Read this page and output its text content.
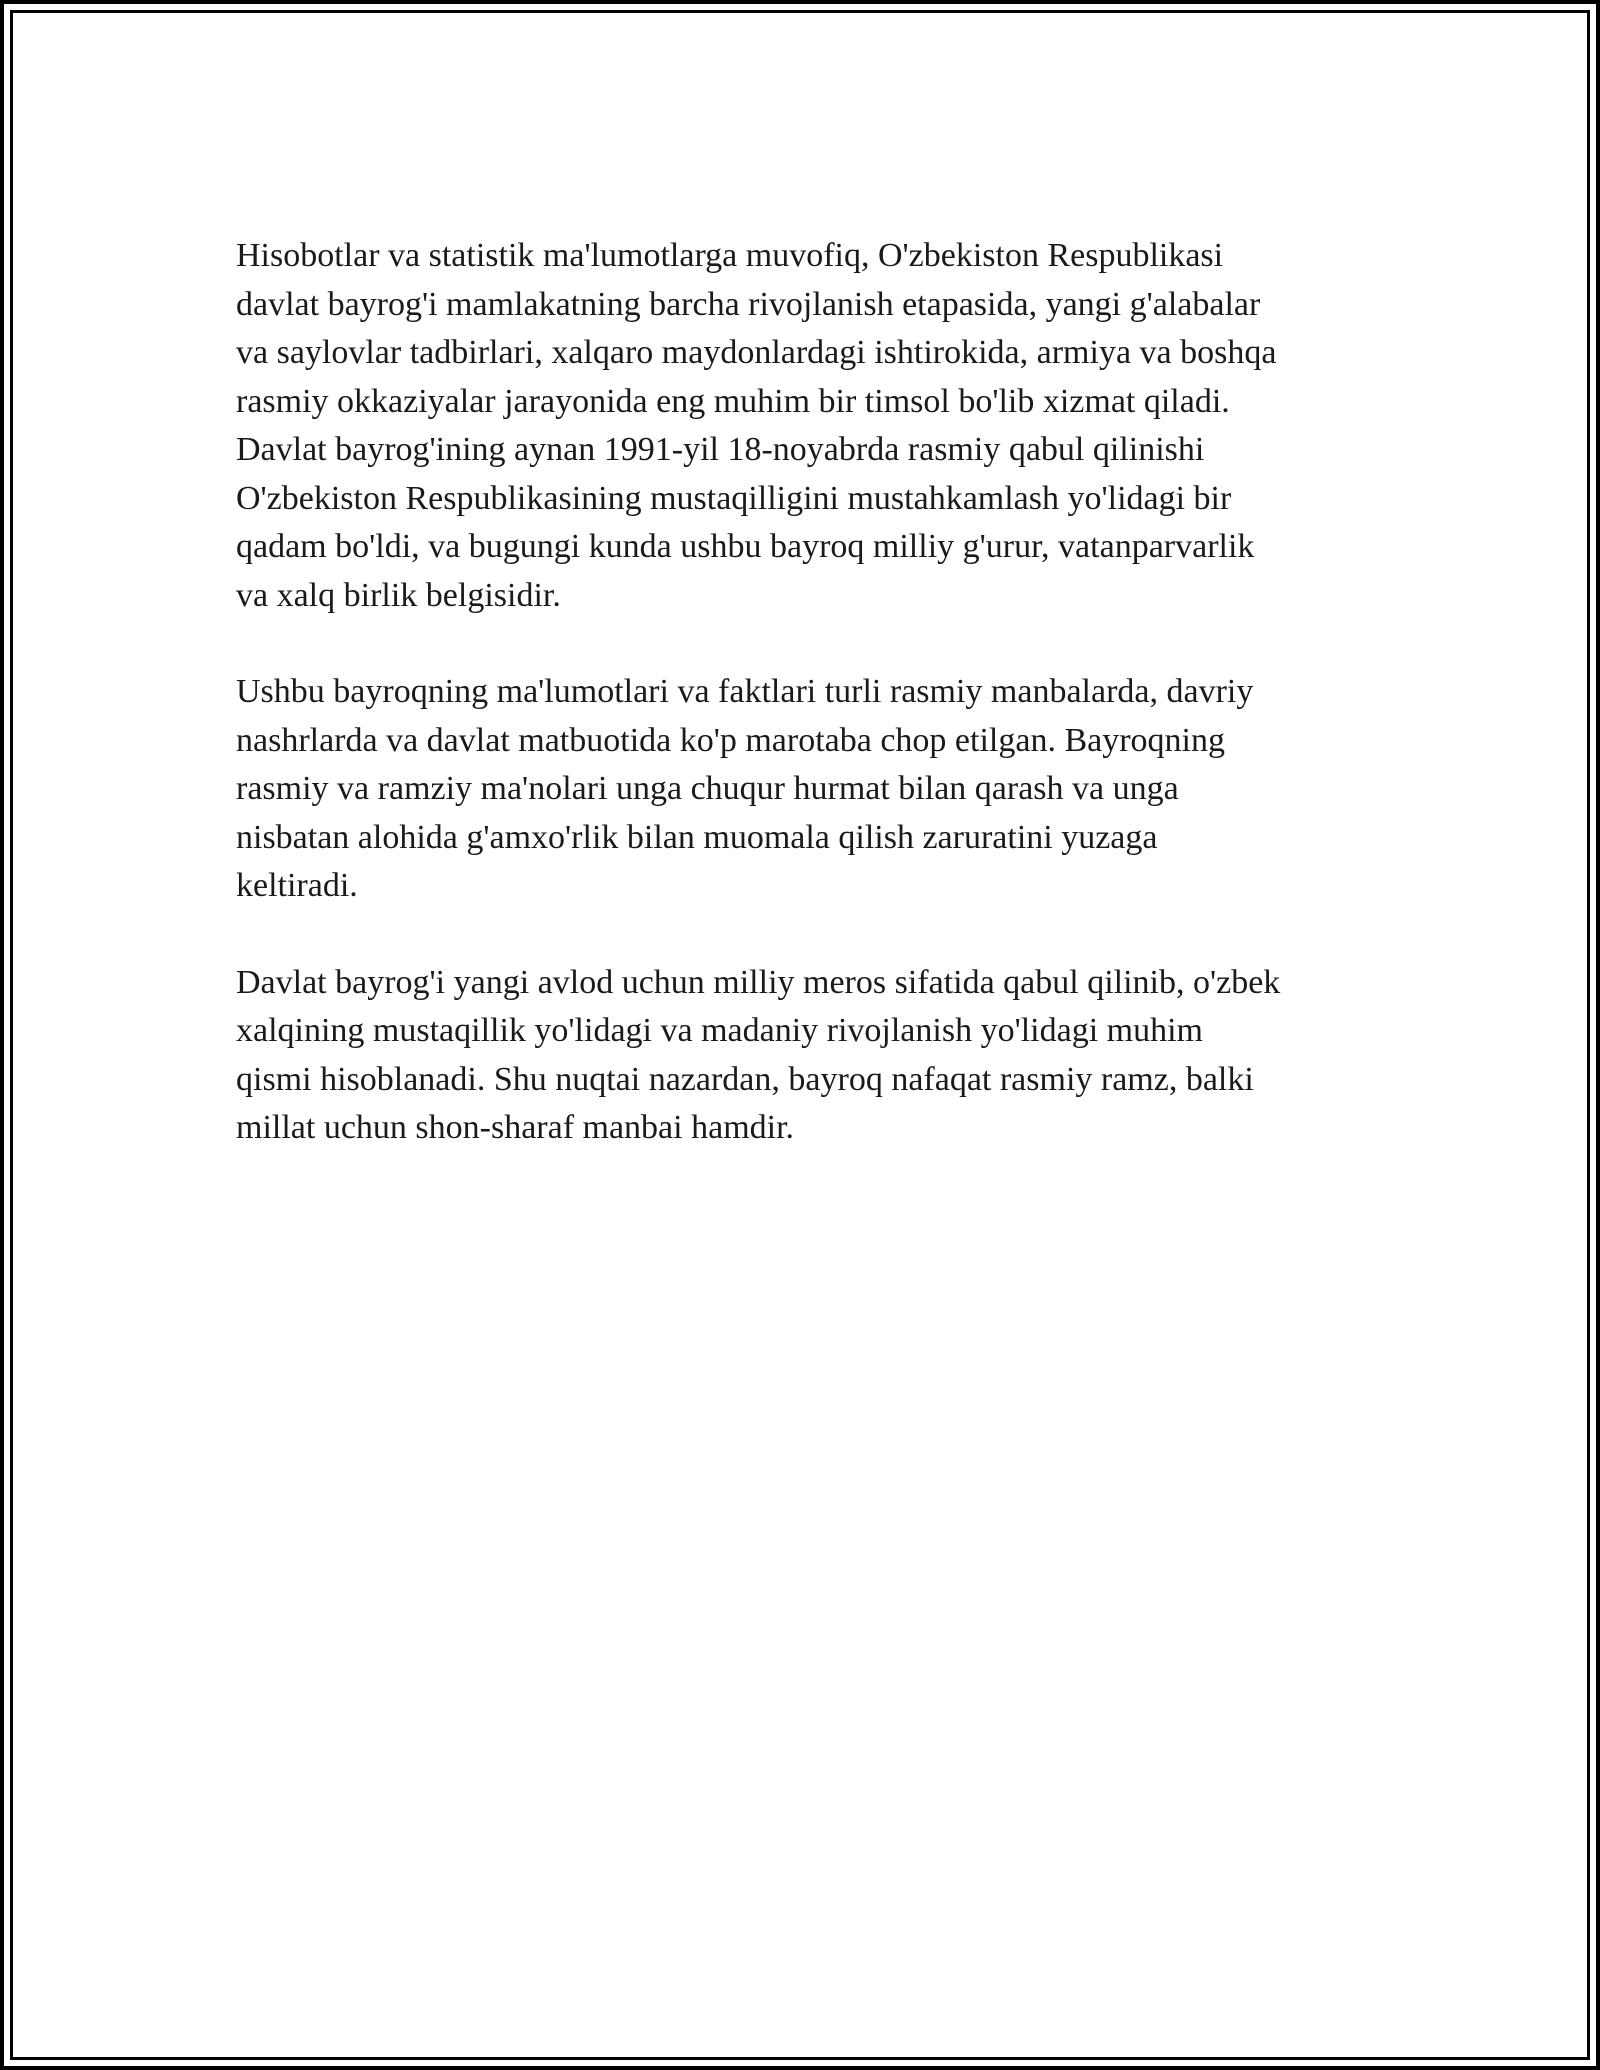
Hisobotlar va statistik ma'lumotlarga muvofiq, O'zbekiston Respublikasi
davlat bayrog'i mamlakatning barcha rivojlanish etapasida, yangi g'alabalar
va saylovlar tadbirlari, xalqaro maydonlardagi ishtirokida, armiya va boshqa
rasmiy okkaziyalar jarayonida eng muhim bir timsol bo'lib xizmat qiladi.
Davlat bayrog'ining aynan 1991-yil 18-noyabrda rasmiy qabul qilinishi
O'zbekiston Respublikasining mustaqilligini mustahkamlash yo'lidagi bir
qadam bo'ldi, va bugungi kunda ushbu bayroq milliy g'urur, vatanparvarlik
va xalq birlik belgisidir.

Ushbu bayroqning ma'lumotlari va faktlari turli rasmiy manbalarda, davriy
nashrlarda va davlat matbuotida ko'p marotaba chop etilgan. Bayroqning
rasmiy va ramziy ma'nolari unga chuqur hurmat bilan qarash va unga
nisbatan alohida g'amxo'rlik bilan muomala qilish zaruratini yuzaga
keltiradi.

Davlat bayrog'i yangi avlod uchun milliy meros sifatida qabul qilinib, o'zbek
xalqining mustaqillik yo'lidagi va madaniy rivojlanish yo'lidagi muhim
qismi hisoblanadi. Shu nuqtai nazardan, bayroq nafaqat rasmiy ramz, balki
millat uchun shon-sharaf manbai hamdir.
